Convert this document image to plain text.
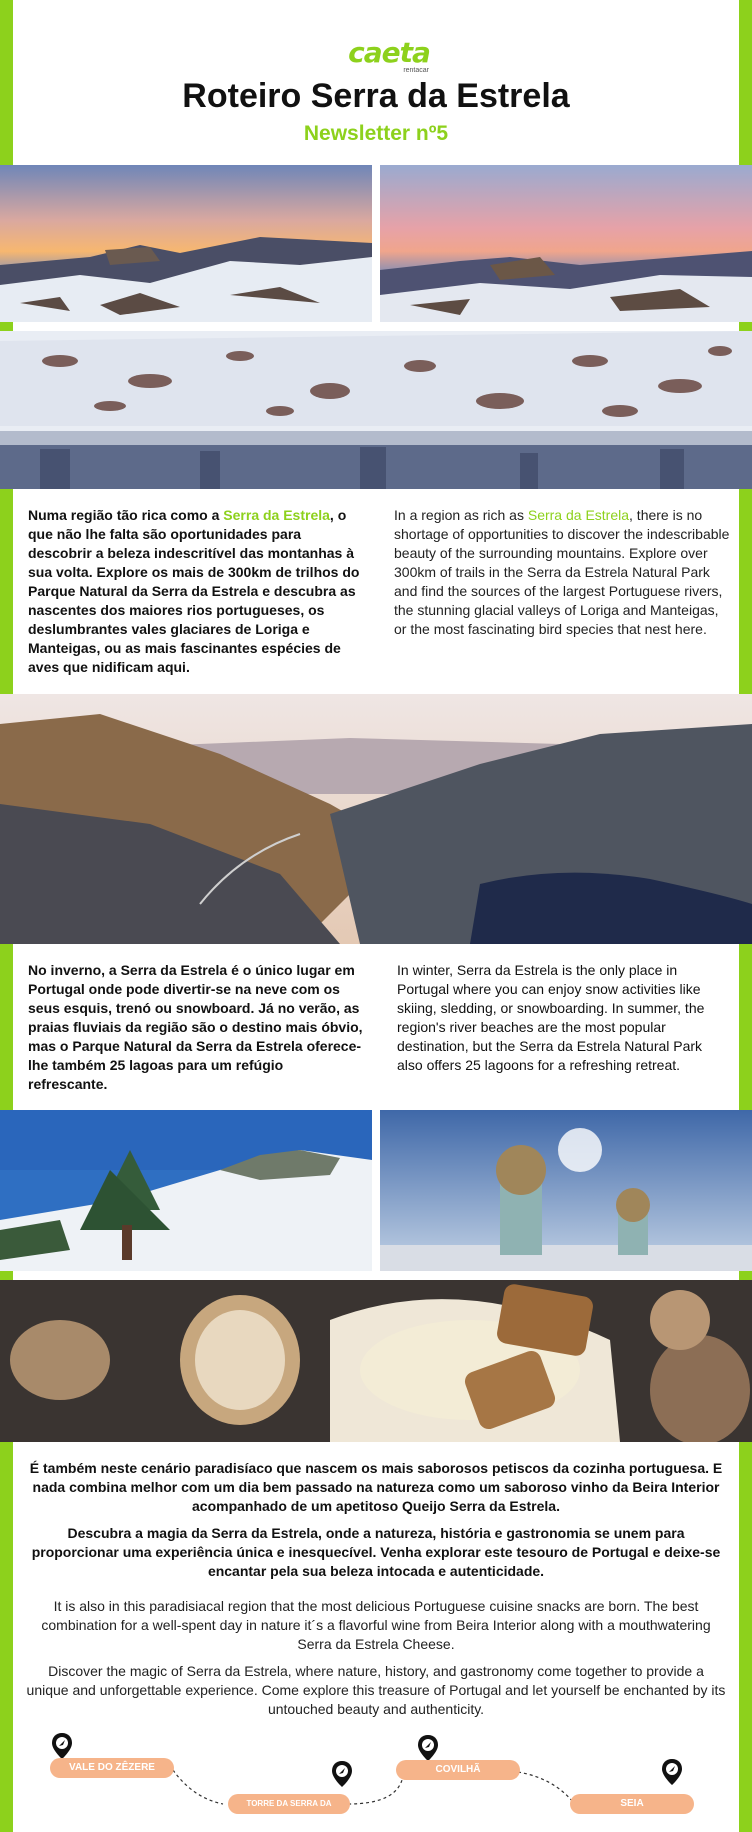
caeta
rentacar
Roteiro Serra da Estrela
Newsletter nº5
Numa região tão rica como a Serra da Estrela, o que não lhe falta são oportunidades para descobrir a beleza indescritível das montanhas à sua volta. Explore os mais de 300km de trilhos do Parque Natural da Serra da Estrela e descubra as nascentes dos maiores rios portugueses, os deslumbrantes vales glaciares de Loriga e Manteigas, ou as mais fascinantes espécies de aves que nidificam aqui.
In a region as rich as Serra da Estrela, there is no shortage of opportunities to discover the indescribable beauty of the surrounding mountains. Explore over 300km of trails in the Serra da Estrela Natural Park and find the sources of the largest Portuguese rivers, the stunning glacial valleys of Loriga and Manteigas, or the most fascinating bird species that nest here.
No inverno, a Serra da Estrela é o único lugar em Portugal onde pode divertir-se na neve com os seus esquis, trenó ou snowboard. Já no verão, as praias fluviais da região são o destino mais óbvio, mas o Parque Natural da Serra da Estrela oferece-lhe também 25 lagoas para um refúgio refrescante.
In winter, Serra da Estrela is the only place in Portugal where you can enjoy snow activities like skiing, sledding, or snowboarding. In summer, the region's river beaches are the most popular destination, but the Serra da Estrela Natural Park also offers 25 lagoons for a refreshing retreat.
É também neste cenário paradisíaco que nascem os mais saborosos petiscos da cozinha portuguesa. E nada combina melhor com um dia bem passado na natureza como um saboroso vinho da Beira Interior acompanhado de um apetitoso Queijo Serra da Estrela.
Descubra a magia da Serra da Estrela, onde a natureza, história e gastronomia se unem para proporcionar uma experiência única e inesquecível. Venha explorar este tesouro de Portugal e deixe-se encantar pela sua beleza intocada e autenticidade.
It is also in this paradisiacal region that the most delicious Portuguese cuisine snacks are born. The best combination for a well-spent day in nature it´s a flavorful wine from Beira Interior along with a mouthwatering Serra da Estrela Cheese.
Discover the magic of Serra da Estrela, where nature, history, and gastronomy come together to provide a unique and unforgettable experience. Come explore this treasure of Portugal and let yourself be enchanted by its untouched beauty and authenticity.
VALE DO ZÊZERE
TORRE DA SERRA DA ESTRELA
COVILHÃ
SEIA
